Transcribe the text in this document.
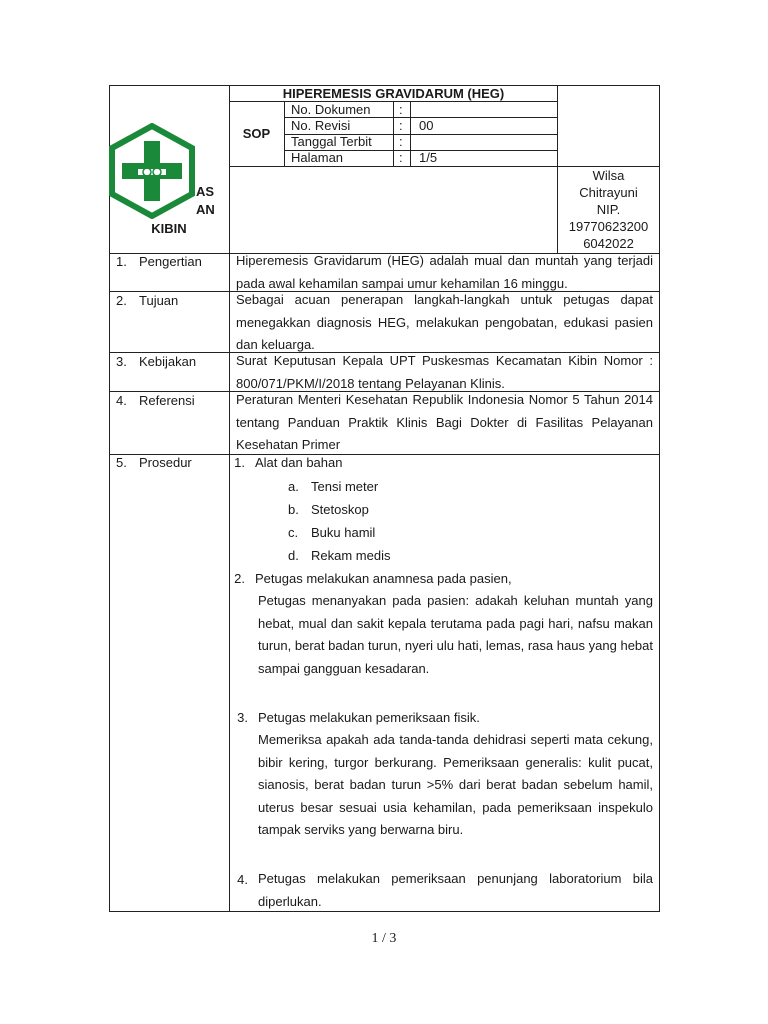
HIPEREMESIS GRAVIDARUM (HEG)
SOP
No. Dokumen :
No. Revisi	: 00
Tanggal Terbit :
Halaman	: 1/5
AS
AN
KIBIN
Wilsa
Chitrayuni
NIP.
19770623200
6042022
1. Pengertian	Hiperemesis Gravidarum (HEG) adalah mual dan muntah yang terjadi pada awal kehamilan sampai umur kehamilan 16 minggu.
2. Tujuan	Sebagai acuan penerapan langkah-langkah untuk petugas dapat menegakkan diagnosis HEG, melakukan pengobatan, edukasi pasien dan keluarga.
3. Kebijakan	Surat Keputusan Kepala UPT Puskesmas Kecamatan Kibin Nomor : 800/071/PKM/I/2018 tentang Pelayanan Klinis.
4. Referensi	Peraturan Menteri Kesehatan Republik Indonesia Nomor 5 Tahun 2014 tentang Panduan Praktik Klinis Bagi Dokter di Fasilitas Pelayanan Kesehatan Primer
5. Prosedur	1. Alat dan bahan
a. Tensi meter
b. Stetoskop
c. Buku hamil
d. Rekam medis
2. Petugas melakukan anamnesa pada pasien,
Petugas menanyakan pada pasien: adakah keluhan muntah yang hebat, mual dan sakit kepala terutama pada pagi hari, nafsu makan turun, berat badan turun, nyeri ulu hati, lemas, rasa haus yang hebat sampai gangguan kesadaran.
3. Petugas melakukan pemeriksaan fisik.
Memeriksa apakah ada tanda-tanda dehidrasi seperti mata cekung, bibir kering, turgor berkurang. Pemeriksaan generalis: kulit pucat, sianosis, berat badan turun >5% dari berat badan sebelum hamil, uterus besar sesuai usia kehamilan, pada pemeriksaan inspekulo tampak serviks yang berwarna biru.
4. Petugas melakukan pemeriksaan penunjang laboratorium bila diperlukan.
1 / 3
